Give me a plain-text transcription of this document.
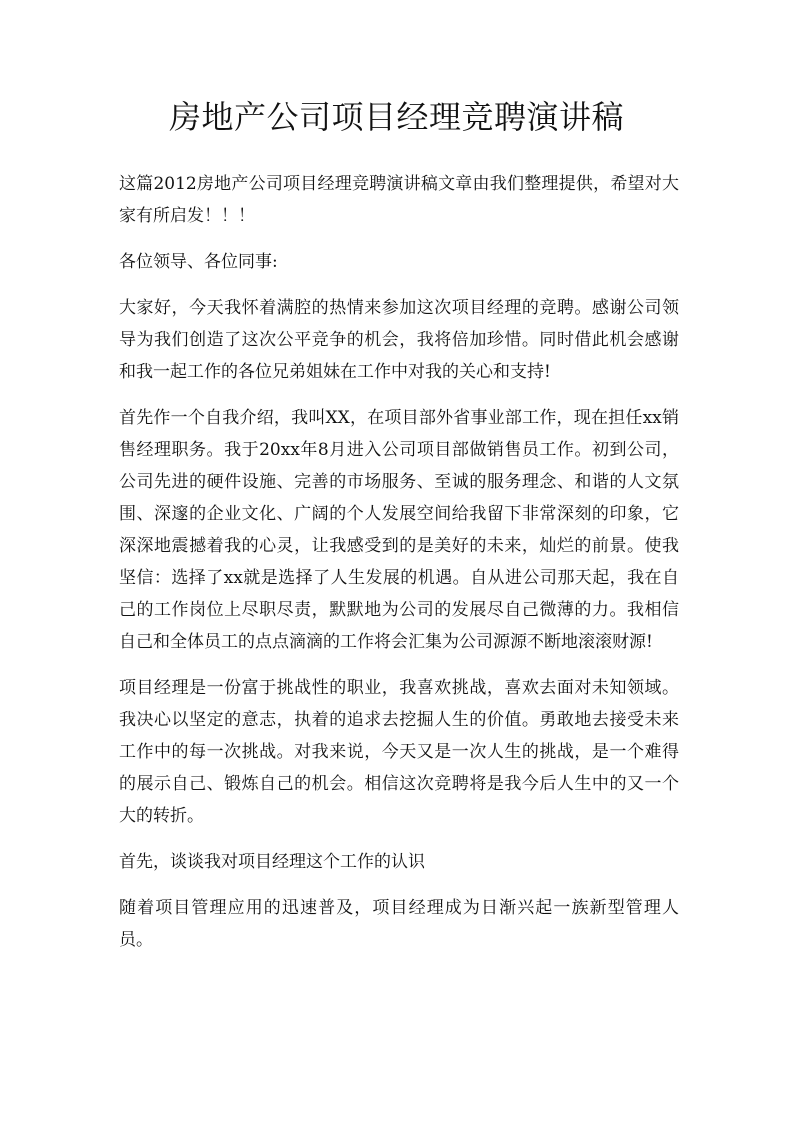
房地产公司项目经理竞聘演讲稿

这篇2012房地产公司项目经理竞聘演讲稿文章由我们整理提供，希望对大家有所启发！！！

各位领导、各位同事:

大家好，今天我怀着满腔的热情来参加这次项目经理的竞聘。感谢公司领导为我们创造了这次公平竞争的机会，我将倍加珍惜。同时借此机会感谢和我一起工作的各位兄弟姐妹在工作中对我的关心和支持!

首先作一个自我介绍，我叫XX，在项目部外省事业部工作，现在担任xx销售经理职务。我于20xx年8月进入公司项目部做销售员工作。初到公司，公司先进的硬件设施、完善的市场服务、至诚的服务理念、和谐的人文氛围、深邃的企业文化、广阔的个人发展空间给我留下非常深刻的印象，它深深地震撼着我的心灵，让我感受到的是美好的未来，灿烂的前景。使我坚信：选择了xx就是选择了人生发展的机遇。自从进公司那天起，我在自己的工作岗位上尽职尽责，默默地为公司的发展尽自己微薄的力。我相信自己和全体员工的点点滴滴的工作将会汇集为公司源源不断地滚滚财源!

项目经理是一份富于挑战性的职业，我喜欢挑战，喜欢去面对未知领域。我决心以坚定的意志，执着的追求去挖掘人生的价值。勇敢地去接受未来工作中的每一次挑战。对我来说，今天又是一次人生的挑战，是一个难得的展示自己、锻炼自己的机会。相信这次竞聘将是我今后人生中的又一个大的转折。

首先，谈谈我对项目经理这个工作的认识

随着项目管理应用的迅速普及，项目经理成为日渐兴起一族新型管理人员。
